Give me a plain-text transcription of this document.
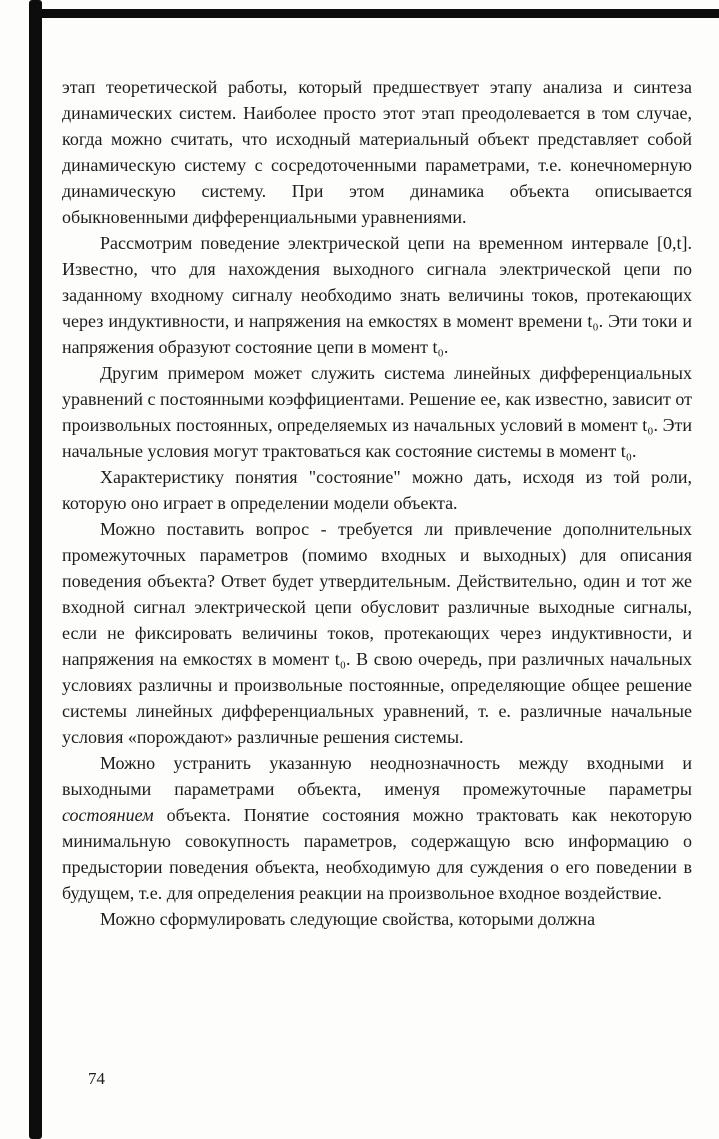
этап теоретической работы, который предшествует этапу анализа и синтеза динамических систем. Наиболее просто этот этап преодолевается в том случае, когда можно считать, что исходный материальный объект представляет собой динамическую систему с сосредоточенными параметрами, т.е. конечномерную динамическую систему. При этом динамика объекта описывается обыкновенными дифференциальными уравнениями.

Рассмотрим поведение электрической цепи на временном интервале [0,t]. Известно, что для нахождения выходного сигнала электрической цепи по заданному входному сигналу необходимо знать величины токов, протекающих через индуктивности, и напряжения на емкостях в момент времени t₀. Эти токи и напряжения образуют состояние цепи в момент t₀.

Другим примером может служить система линейных дифференциальных уравнений с постоянными коэффициентами. Решение ее, как известно, зависит от произвольных постоянных, определяемых из начальных условий в момент t₀. Эти начальные условия могут трактоваться как состояние системы в момент t₀.

Характеристику понятия "состояние" можно дать, исходя из той роли, которую оно играет в определении модели объекта.

Можно поставить вопрос - требуется ли привлечение дополнительных промежуточных параметров (помимо входных и выходных) для описания поведения объекта? Ответ будет утвердительным. Действительно, один и тот же входной сигнал электрической цепи обусловит различные выходные сигналы, если не фиксировать величины токов, протекающих через индуктивности, и напряжения на емкостях в момент t₀. В свою очередь, при различных начальных условиях различны и произвольные постоянные, определяющие общее решение системы линейных дифференциальных уравнений, т. е. различные начальные условия «порождают» различные решения системы.

Можно устранить указанную неоднозначность между входными и выходными параметрами объекта, именуя промежуточные параметры состоянием объекта. Понятие состояния можно трактовать как некоторую минимальную совокупность параметров, содержащую всю информацию о предыстории поведения объекта, необходимую для суждения о его поведении в будущем, т.е. для определения реакции на произвольное входное воздействие.

Можно сформулировать следующие свойства, которыми должна

74
